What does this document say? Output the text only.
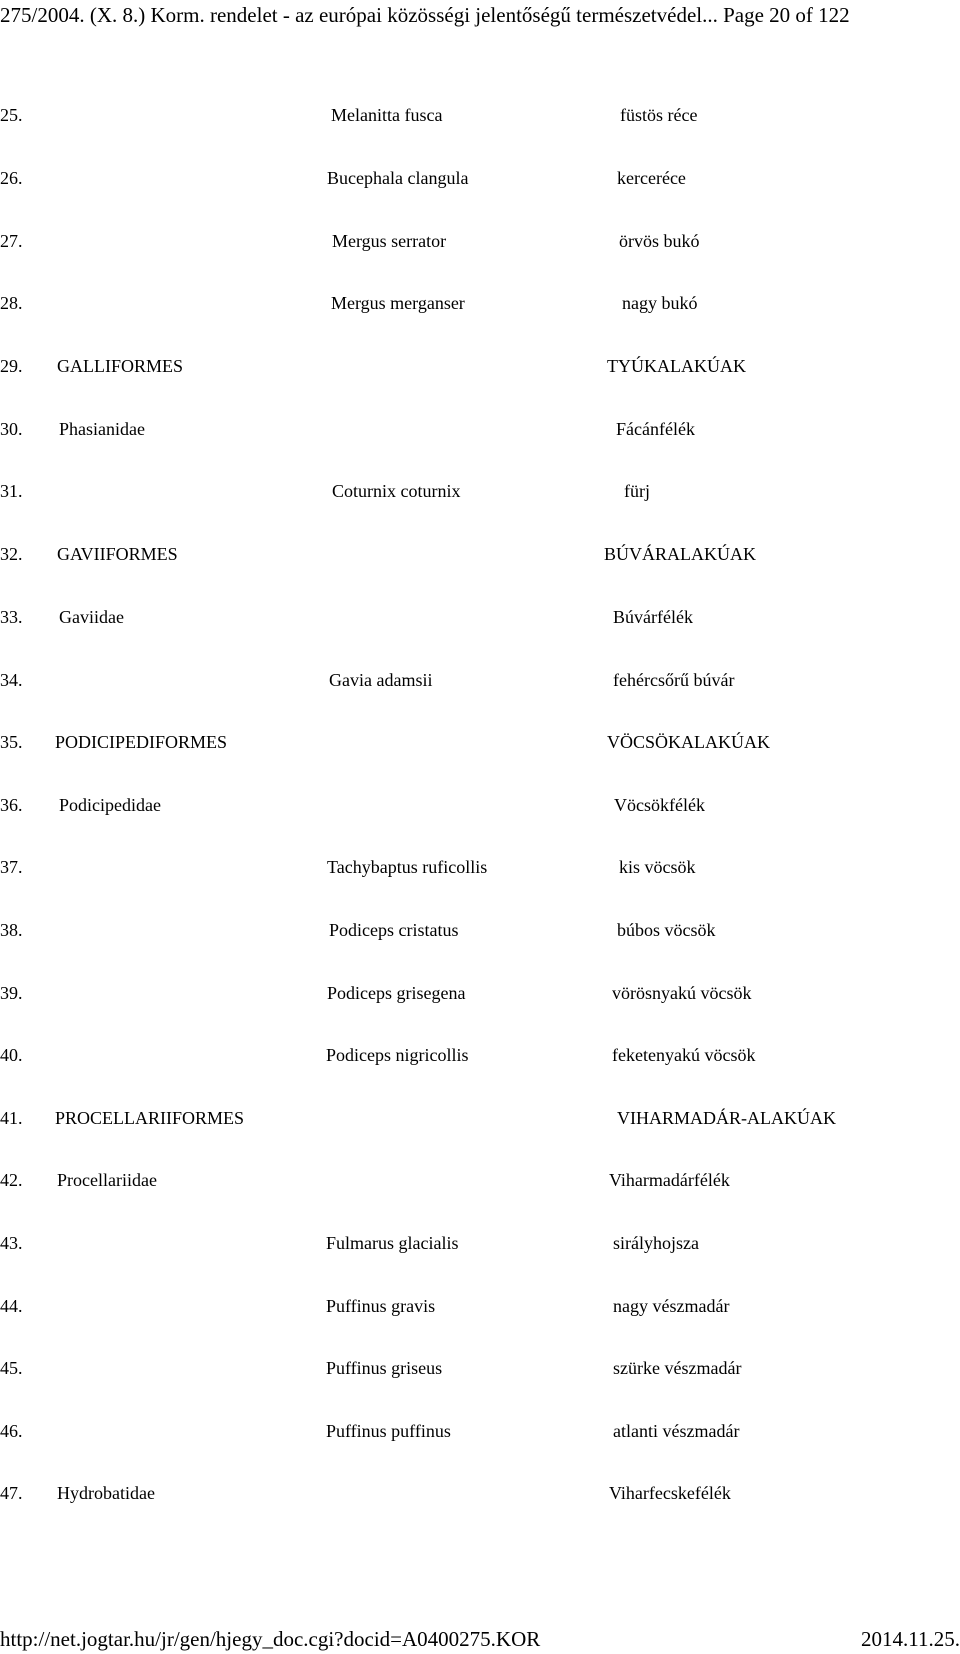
275/2004. (X. 8.) Korm. rendelet - az európai közösségi jelentőségű természetvédel... Page 20 of 122
25.	Melanitta fusca	füstös réce
26.	Bucephala clangula	kercerécе
27.	Mergus serrator	örvös bukó
28.	Mergus merganser	nagy bukó
29. GALLIFORMES	TYÚKALAKÚAK
30. Phasianidae	Fácánfélék
31.	Coturnix coturnix	fürj
32. GAVIIFORMES	BÚVÁRALAKÚAK
33. Gaviidae	Búvárfélék
34.	Gavia adamsii	fehércsőrű búvár
35. PODICIPEDIFORMES	VÖCSÖKALAKÚAK
36. Podicipedidae	Vöcsökfélék
37.	Tachybaptus ruficollis	kis vöcsök
38.	Podiceps cristatus	búbos vöcsök
39.	Podiceps grisegena	vörösnyakú vöcsök
40.	Podiceps nigricollis	feketenyakú vöcsök
41. PROCELLARIIFORMES	VIHARMADÁR-ALAKÚAK
42. Procellariidae	Viharmadárfélék
43.	Fulmarus glacialis	sirályhojsza
44.	Puffinus gravis	nagy vészmadár
45.	Puffinus griseus	szürke vészmadár
46.	Puffinus puffinus	atlanti vészmadár
47. Hydrobatidae	Viharfecskefélék
http://net.jogtar.hu/jr/gen/hjegy_doc.cgi?docid=A0400275.KOR	2014.11.25.
